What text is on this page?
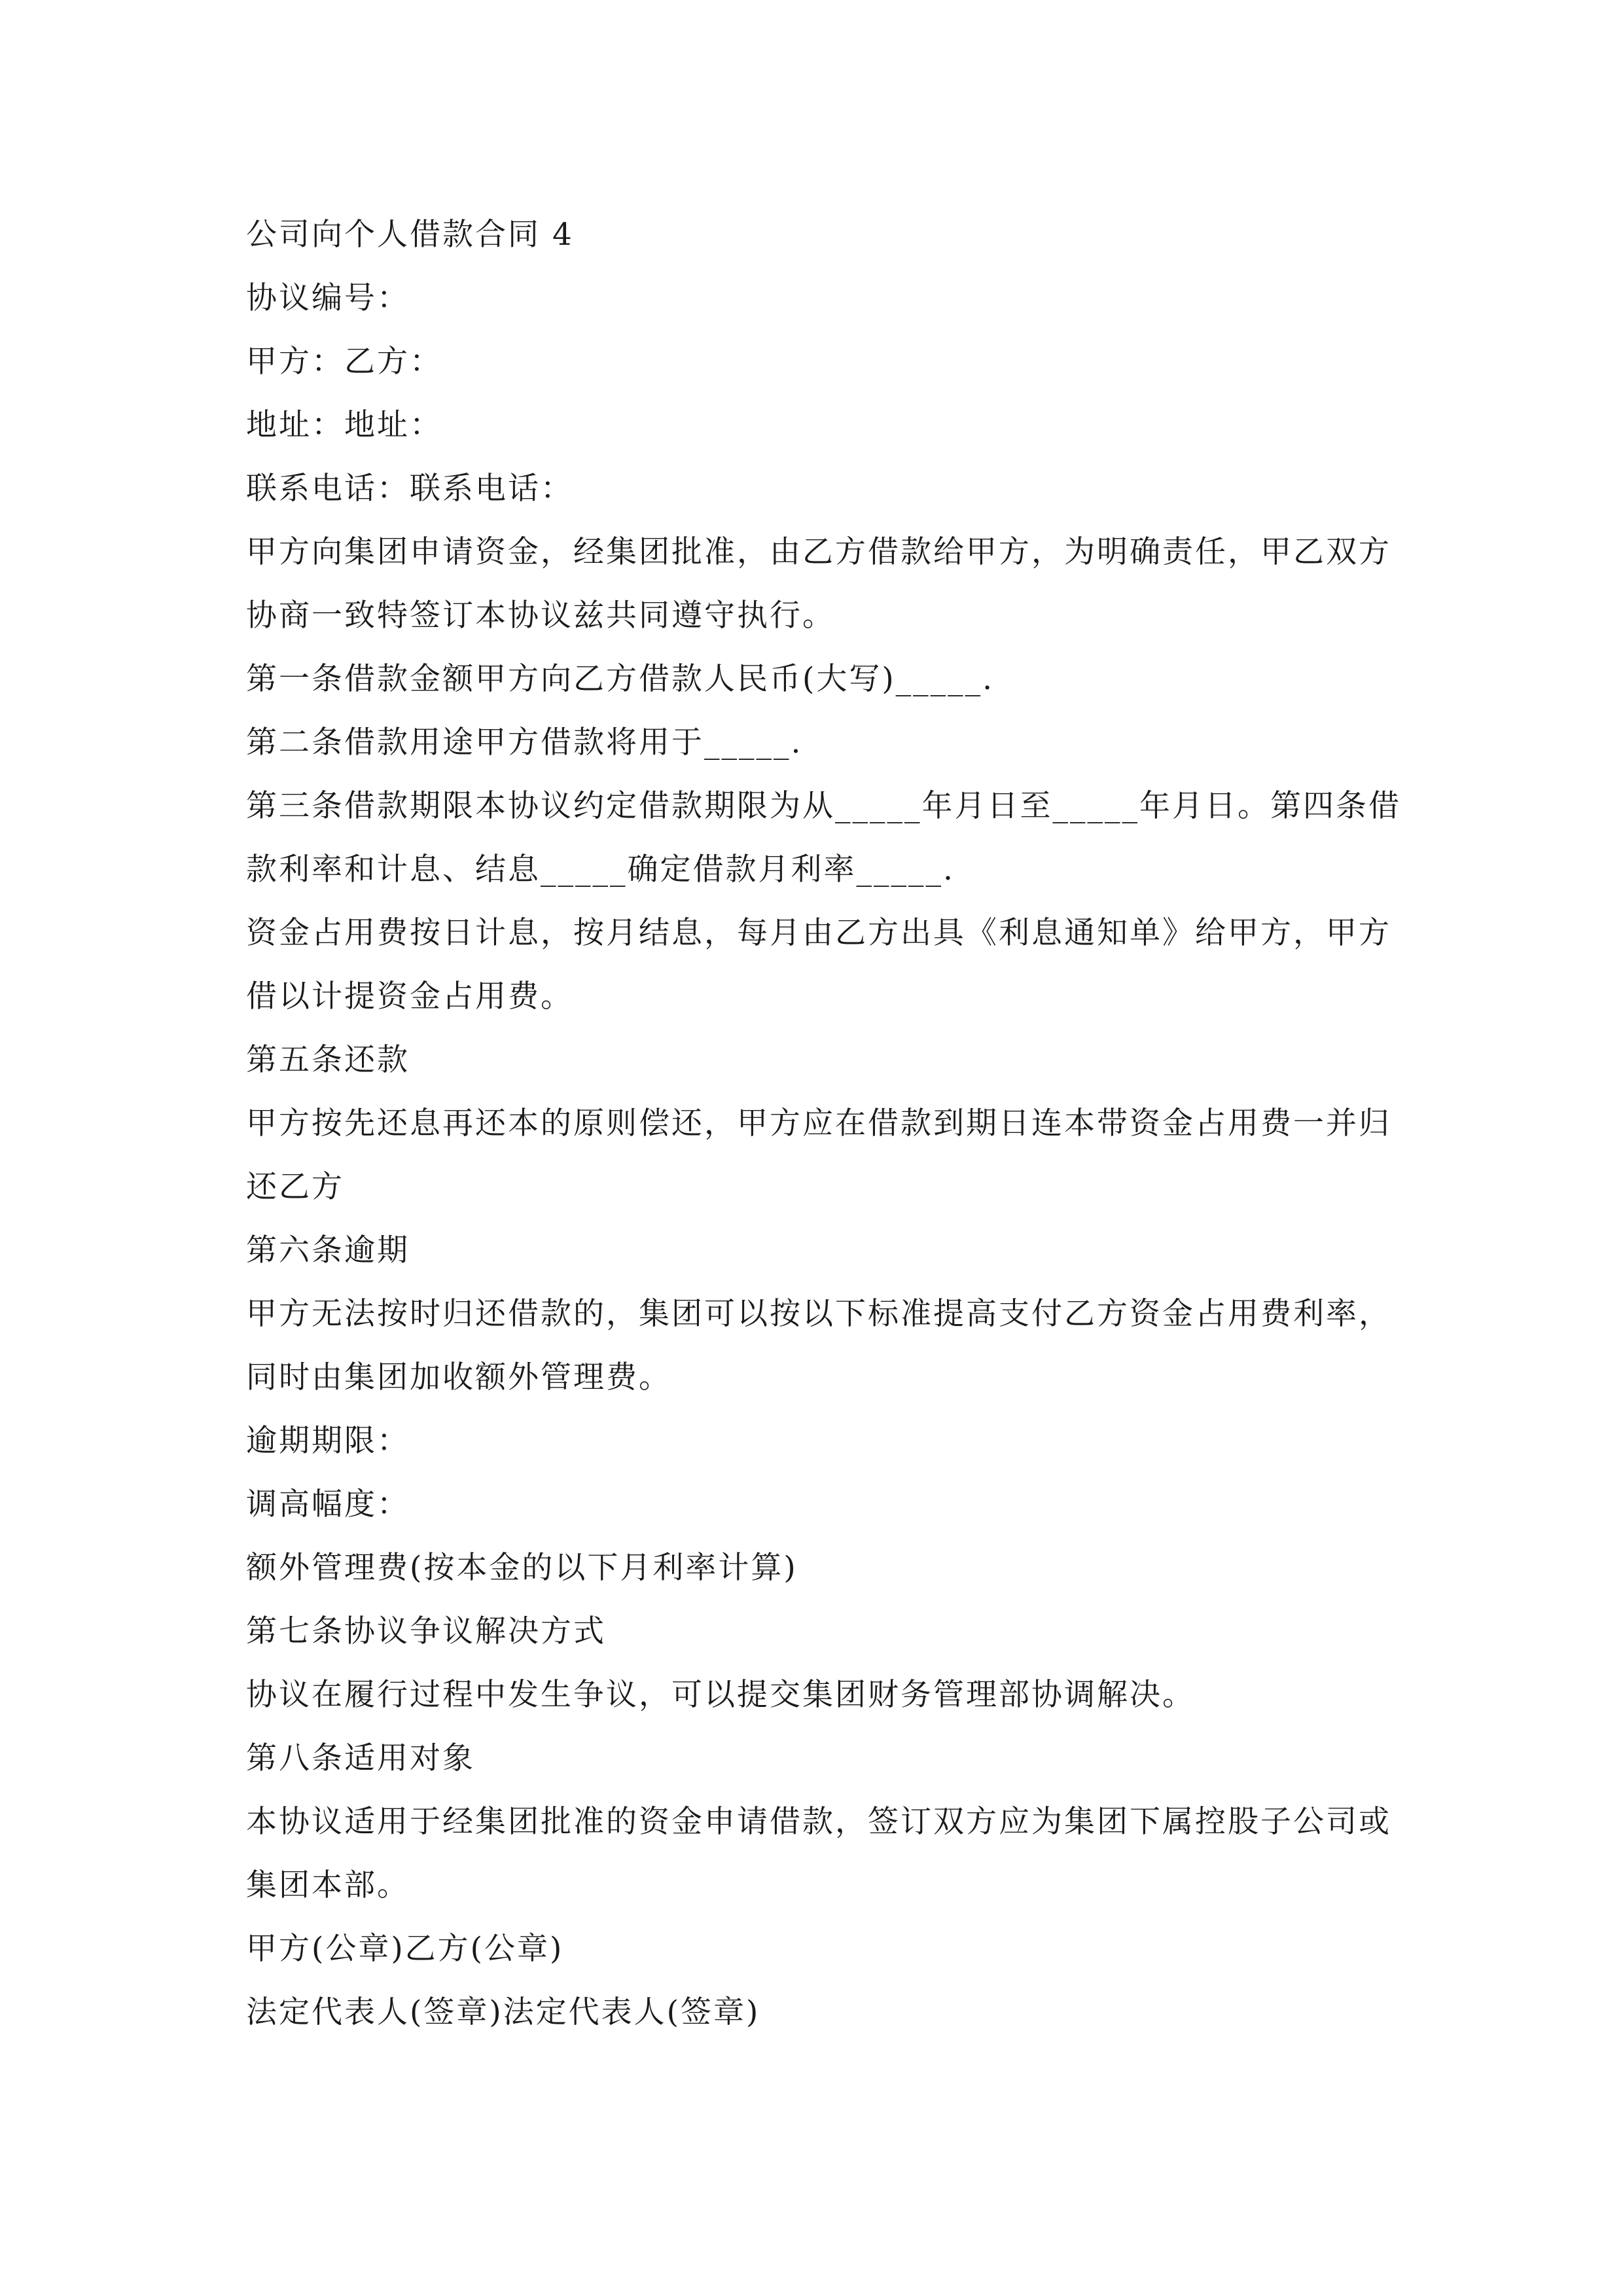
公司向个人借款合同 4
协议编号：
甲方：乙方：
地址：地址：
联系电话：联系电话：
甲方向集团申请资金，经集团批准，由乙方借款给甲方，为明确责任，甲乙双方
协商一致特签订本协议兹共同遵守执行。
第一条借款金额甲方向乙方借款人民币(大写)_____.
第二条借款用途甲方借款将用于_____.
第三条借款期限本协议约定借款期限为从_____年月日至_____年月日。第四条借
款利率和计息、结息_____确定借款月利率_____.
资金占用费按日计息，按月结息，每月由乙方出具《利息通知单》给甲方，甲方
借以计提资金占用费。
第五条还款
甲方按先还息再还本的原则偿还，甲方应在借款到期日连本带资金占用费一并归
还乙方
第六条逾期
甲方无法按时归还借款的，集团可以按以下标准提高支付乙方资金占用费利率，
同时由集团加收额外管理费。
逾期期限：
调高幅度：
额外管理费(按本金的以下月利率计算)
第七条协议争议解决方式
协议在履行过程中发生争议，可以提交集团财务管理部协调解决。
第八条适用对象
本协议适用于经集团批准的资金申请借款，签订双方应为集团下属控股子公司或
集团本部。
甲方(公章)乙方(公章)
法定代表人(签章)法定代表人(签章)
